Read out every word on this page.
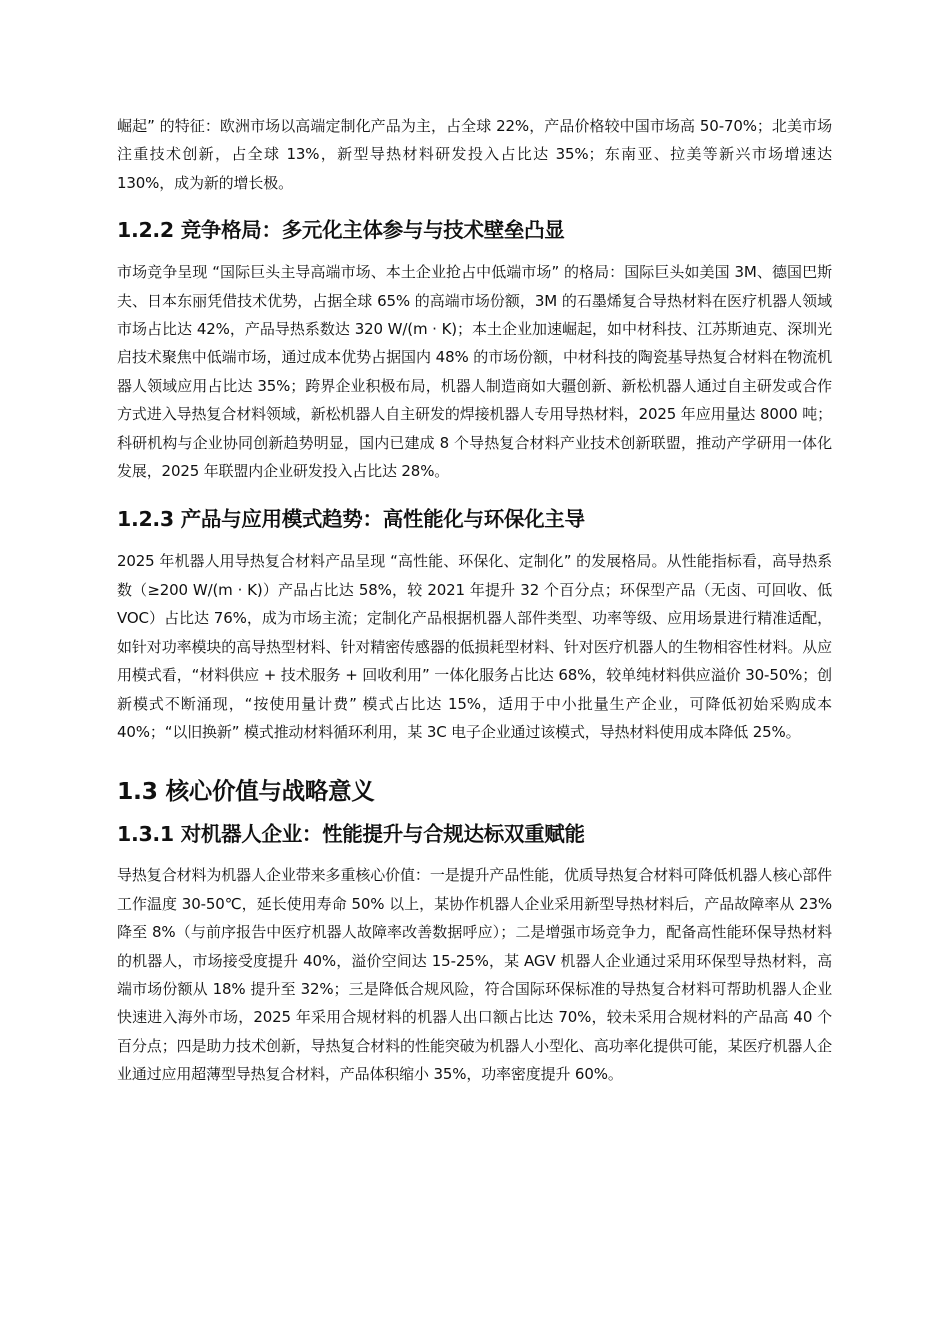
崛起” 的特征：欧洲市场以高端定制化产品为主，占全球 22%，产品价格较中国市场高 50-70%；北美市场注重技术创新，占全球 13%，新型导热材料研发投入占比达 35%；东南亚、拉美等新兴市场增速达 130%，成为新的增长极。

1.2.2 竞争格局：多元化主体参与与技术壁垒凸显

市场竞争呈现 “国际巨头主导高端市场、本土企业抢占中低端市场” 的格局：国际巨头如美国 3M、德国巴斯夫、日本东丽凭借技术优势，占据全球 65% 的高端市场份额，3M 的石墨烯复合导热材料在医疗机器人领域市场占比达 42%，产品导热系数达 320 W/(m · K)；本土企业加速崛起，如中材科技、江苏斯迪克、深圳光启技术聚焦中低端市场，通过成本优势占据国内 48% 的市场份额，中材科技的陶瓷基导热复合材料在物流机器人领域应用占比达 35%；跨界企业积极布局，机器人制造商如大疆创新、新松机器人通过自主研发或合作方式进入导热复合材料领域，新松机器人自主研发的焊接机器人专用导热材料，2025 年应用量达 8000 吨；科研机构与企业协同创新趋势明显，国内已建成 8 个导热复合材料产业技术创新联盟，推动产学研用一体化发展，2025 年联盟内企业研发投入占比达 28%。

1.2.3 产品与应用模式趋势：高性能化与环保化主导

2025 年机器人用导热复合材料产品呈现 “高性能、环保化、定制化” 的发展格局。从性能指标看，高导热系数（≥200 W/(m · K)）产品占比达 58%，较 2021 年提升 32 个百分点；环保型产品（无卤、可回收、低 VOC）占比达 76%，成为市场主流；定制化产品根据机器人部件类型、功率等级、应用场景进行精准适配，如针对功率模块的高导热型材料、针对精密传感器的低损耗型材料、针对医疗机器人的生物相容性材料。从应用模式看，“材料供应 + 技术服务 + 回收利用” 一体化服务占比达 68%，较单纯材料供应溢价 30-50%；创新模式不断涌现，“按使用量计费” 模式占比达 15%，适用于中小批量生产企业，可降低初始采购成本 40%；“以旧换新” 模式推动材料循环利用，某 3C 电子企业通过该模式，导热材料使用成本降低 25%。

1.3 核心价值与战略意义
1.3.1 对机器人企业：性能提升与合规达标双重赋能

导热复合材料为机器人企业带来多重核心价值：一是提升产品性能，优质导热复合材料可降低机器人核心部件工作温度 30-50℃，延长使用寿命 50% 以上，某协作机器人企业采用新型导热材料后，产品故障率从 23% 降至 8%（与前序报告中医疗机器人故障率改善数据呼应）；二是增强市场竞争力，配备高性能环保导热材料的机器人，市场接受度提升 40%，溢价空间达 15-25%，某 AGV 机器人企业通过采用环保型导热材料，高端市场份额从 18% 提升至 32%；三是降低合规风险，符合国际环保标准的导热复合材料可帮助机器人企业快速进入海外市场，2025 年采用合规材料的机器人出口额占比达 70%，较未采用合规材料的产品高 40 个百分点；四是助力技术创新，导热复合材料的性能突破为机器人小型化、高功率化提供可能，某医疗机器人企业通过应用超薄型导热复合材料，产品体积缩小 35%，功率密度提升 60%。
